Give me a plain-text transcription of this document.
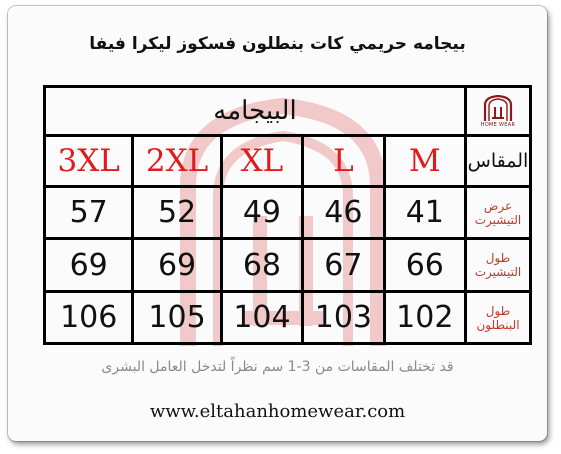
بيجامه حريمي كات بنطلون فسكوز ليكرا فيفا
HOME WEAR	البيجامه				
المقاس	M	L	XL	2XL	3XL
عرض التيشيرت	41	46	49	52	57
طول التيشيرت	66	67	68	69	69
طول البنطلون	102	103	104	105	106
قد تختلف المقاسات من 3-1 سم نظراً لتدخل العامل البشرى
www.eltahanhomewear.com
